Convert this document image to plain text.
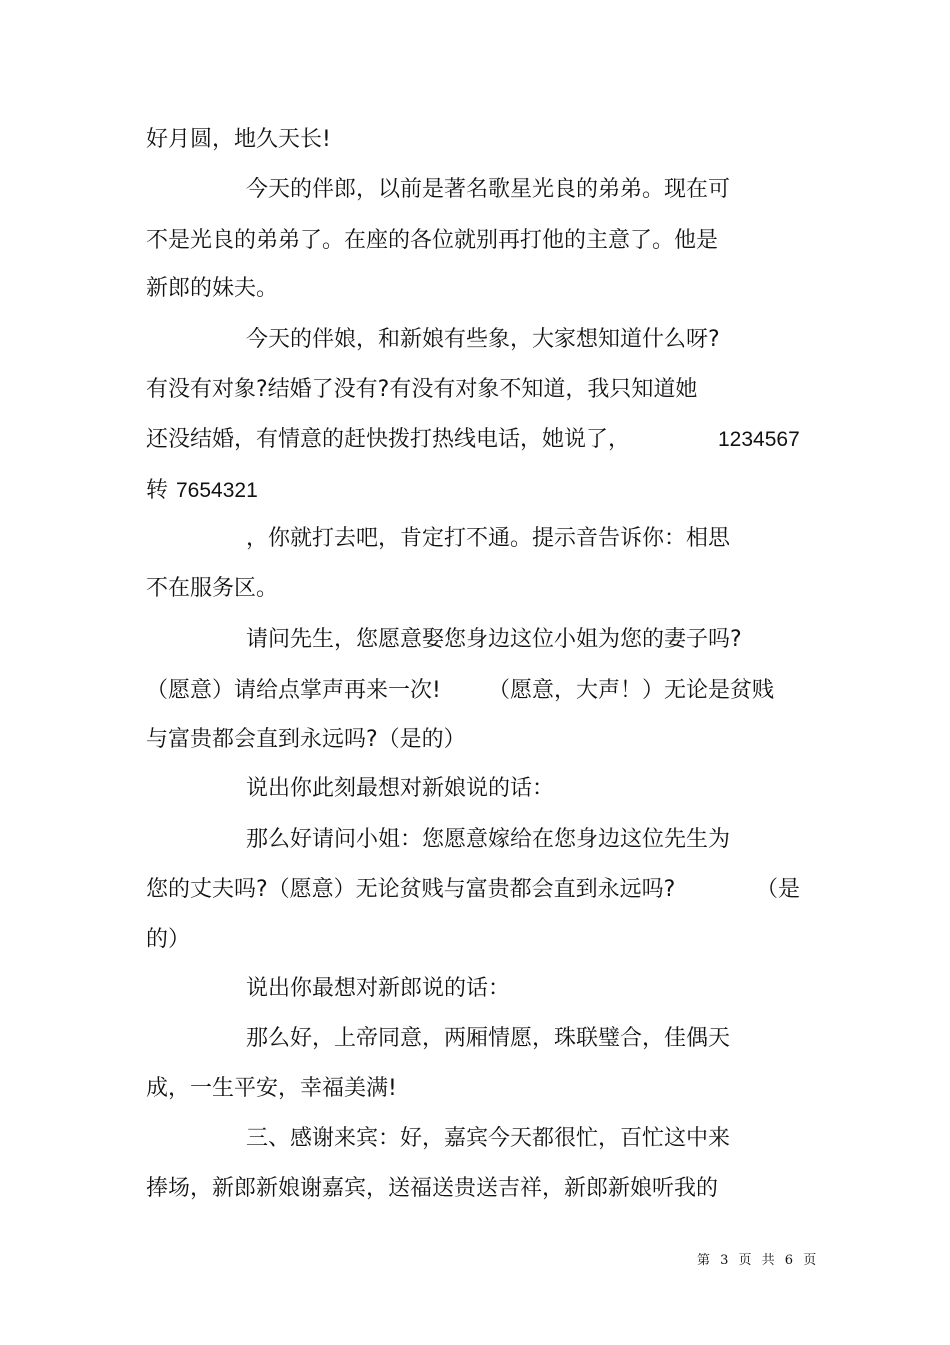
好月圆，地久天长!
今天的伴郎，以前是著名歌星光良的弟弟。现在可
不是光良的弟弟了。在座的各位就别再打他的主意了。他是
新郎的妹夫。
今天的伴娘，和新娘有些象，大家想知道什么呀?
有没有对象?结婚了没有?有没有对象不知道，我只知道她
还没结婚，有情意的赶快拨打热线电话，她说了，	1234567
转 7654321
，你就打去吧，肯定打不通。提示音告诉你：相思
不在服务区。
请问先生，您愿意娶您身边这位小姐为您的妻子吗?
（愿意）请给点掌声再来一次! （愿意，大声！）无论是贫贱
与富贵都会直到永远吗?（是的）
说出你此刻最想对新娘说的话：
那么好请问小姐：您愿意嫁给在您身边这位先生为
您的丈夫吗?（愿意）无论贫贱与富贵都会直到永远吗?	（是
的）
说出你最想对新郎说的话：
那么好，上帝同意，两厢情愿，珠联璧合，佳偶天
成，一生平安，幸福美满!
三、感谢来宾：好，嘉宾今天都很忙，百忙这中来
捧场，新郎新娘谢嘉宾，送福送贵送吉祥，新郎新娘听我的
第 3 页 共 6 页
